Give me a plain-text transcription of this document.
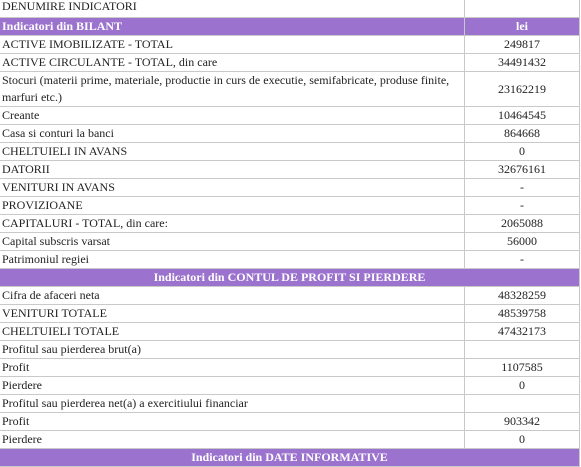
DENUMIRE INDICATORI	
Indicatori din BILANT	lei
ACTIVE IMOBILIZATE - TOTAL	249817
ACTIVE CIRCULANTE - TOTAL, din care	34491432
Stocuri (materii prime, materiale, productie in curs de executie, semifabricate, produse finite, marfuri etc.)	23162219
Creante	10464545
Casa si conturi la banci	864668
CHELTUIELI IN AVANS	0
DATORII	32676161
VENITURI IN AVANS	-
PROVIZIOANE	-
CAPITALURI - TOTAL, din care:	2065088
Capital subscris varsat	56000
Patrimoniul regiei	-
Indicatori din CONTUL DE PROFIT SI PIERDERE	
Cifra de afaceri neta	48328259
VENITURI TOTALE	48539758
CHELTUIELI TOTALE	47432173
Profitul sau pierderea brut(a)	
Profit	1107585
Pierdere	0
Profitul sau pierderea net(a) a exercitiului financiar	
Profit	903342
Pierdere	0
Indicatori din DATE INFORMATIVE	
